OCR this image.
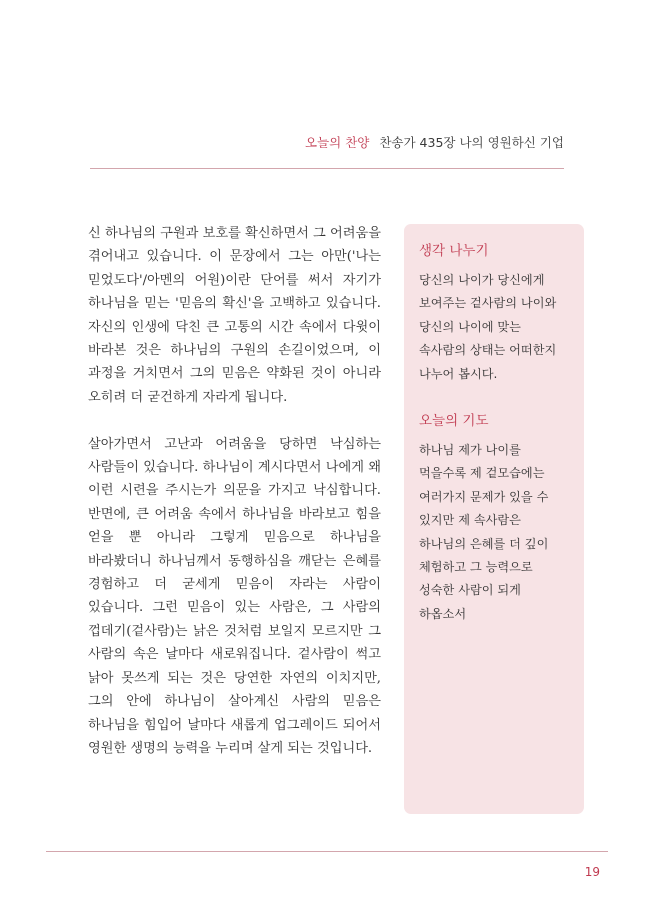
오늘의 찬양 찬송가 435장 나의 영원하신 기업

신 하나님의 구원과 보호를 확신하면서 그 어려움을 겪어내고 있습니다. 이 문장에서 그는 아만('나는 믿었도다'/아멘의 어원)이란 단어를 써서 자기가 하나님을 믿는 '믿음의 확신'을 고백하고 있습니다. 자신의 인생에 닥친 큰 고통의 시간 속에서 다윗이 바라본 것은 하나님의 구원의 손길이었으며, 이 과정을 거치면서 그의 믿음은 약화된 것이 아니라 오히려 더 굳건하게 자라게 됩니다.

살아가면서 고난과 어려움을 당하면 낙심하는 사람들이 있습니다. 하나님이 계시다면서 나에게 왜 이런 시련을 주시는가 의문을 가지고 낙심합니다. 반면에, 큰 어려움 속에서 하나님을 바라보고 힘을 얻을 뿐 아니라 그렇게 믿음으로 하나님을 바라봤더니 하나님께서 동행하심을 깨닫는 은혜를 경험하고 더 굳세게 믿음이 자라는 사람이 있습니다. 그런 믿음이 있는 사람은, 그 사람의 껍데기(겉사람)는 낡은 것처럼 보일지 모르지만 그 사람의 속은 날마다 새로워집니다. 겉사람이 썩고 낡아 못쓰게 되는 것은 당연한 자연의 이치지만, 그의 안에 하나님이 살아계신 사람의 믿음은 하나님을 힘입어 날마다 새롭게 업그레이드 되어서 영원한 생명의 능력을 누리며 살게 되는 것입니다.

생각 나누기

당신의 나이가 당신에게 보여주는 겉사람의 나이와 당신의 나이에 맞는 속사람의 상태는 어떠한지 나누어 봅시다.

오늘의 기도

하나님 제가 나이를 먹을수록 제 겉모습에는 여러가지 문제가 있을 수 있지만 제 속사람은 하나님의 은혜를 더 깊이 체험하고 그 능력으로 성숙한 사람이 되게 하옵소서

19
